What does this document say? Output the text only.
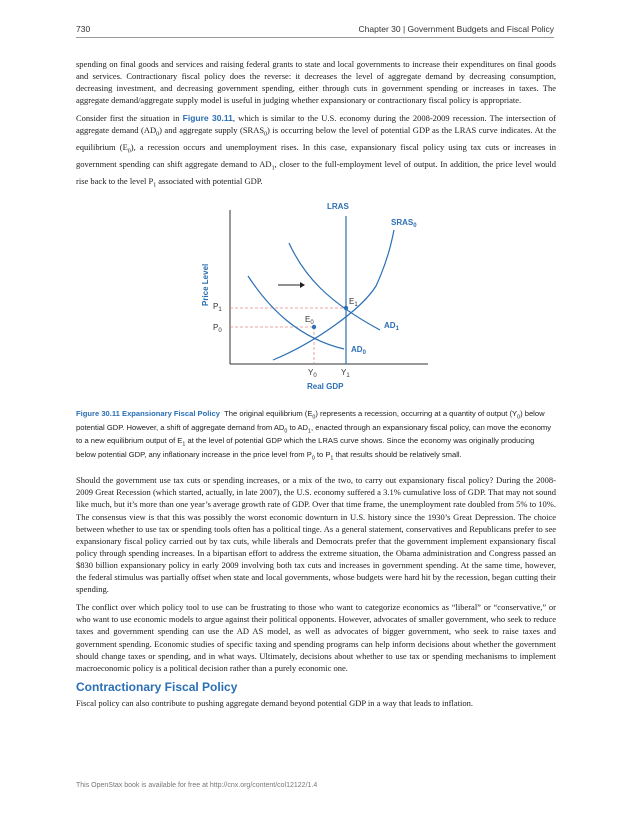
730	Chapter 30 | Government Budgets and Fiscal Policy

spending on final goods and services and raising federal grants to state and local governments to increase their expenditures on final goods and services. Contractionary fiscal policy does the reverse: it decreases the level of aggregate demand by decreasing consumption, decreasing investment, and decreasing government spending, either through cuts in government spending or increases in taxes. The aggregate demand/aggregate supply model is useful in judging whether expansionary or contractionary fiscal policy is appropriate.

Consider first the situation in Figure 30.11, which is similar to the U.S. economy during the 2008-2009 recession. The intersection of aggregate demand $(AD_0)$ and aggregate supply $(SRAS_0)$ is occurring below the level of potential GDP as the LRAS curve indicates. At the equilibrium $(E_0)$, a recession occurs and unemployment rises. In this case, expansionary fiscal policy using tax cuts or increases in government spending can shift aggregate demand to $AD_1$, closer to the full-employment level of output. In addition, the price level would rise back to the level $P_1$ associated with potential GDP.

LRAS
$SRAS_0$
$AD_1$
$AD_0$
$E_0$
$E_1$
$P_1$
$P_0$
$Y_0$	$Y_1$
Real GDP
Price Level

Figure 30.11 Expansionary Fiscal Policy The original equilibrium $(E_0)$ represents a recession, occurring at a quantity of output $(Y_0)$ below potential GDP. However, a shift of aggregate demand from $AD_0$ to $AD_1$, enacted through an expansionary fiscal policy, can move the economy to a new equilibrium output of $E_1$ at the level of potential GDP which the LRAS curve shows. Since the economy was originally producing below potential GDP, any inflationary increase in the price level from $P_0$ to $P_1$ that results should be relatively small.

Should the government use tax cuts or spending increases, or a mix of the two, to carry out expansionary fiscal policy? During the 2008-2009 Great Recession (which started, actually, in late 2007), the U.S. economy suffered a 3.1% cumulative loss of GDP. That may not sound like much, but it’s more than one year’s average growth rate of GDP. Over that time frame, the unemployment rate doubled from 5% to 10%. The consensus view is that this was possibly the worst economic downturn in U.S. history since the 1930’s Great Depression. The choice between whether to use tax or spending tools often has a political tinge. As a general statement, conservatives and Republicans prefer to see expansionary fiscal policy carried out by tax cuts, while liberals and Democrats prefer that the government implement expansionary fiscal policy through spending increases. In a bipartisan effort to address the extreme situation, the Obama administration and Congress passed an $830 billion expansionary policy in early 2009 involving both tax cuts and increases in government spending. At the same time, however, the federal stimulus was partially offset when state and local governments, whose budgets were hard hit by the recession, began cutting their spending.

The conflict over which policy tool to use can be frustrating to those who want to categorize economics as “liberal” or “conservative,” or who want to use economic models to argue against their political opponents. However, advocates of smaller government, who seek to reduce taxes and government spending can use the AD AS model, as well as advocates of bigger government, who seek to raise taxes and government spending. Economic studies of specific taxing and spending programs can help inform decisions about whether the government should change taxes or spending, and in what ways. Ultimately, decisions about whether to use tax or spending mechanisms to implement macroeconomic policy is a political decision rather than a purely economic one.

Contractionary Fiscal Policy

Fiscal policy can also contribute to pushing aggregate demand beyond potential GDP in a way that leads to inflation.

This OpenStax book is available for free at http://cnx.org/content/col12122/1.4
